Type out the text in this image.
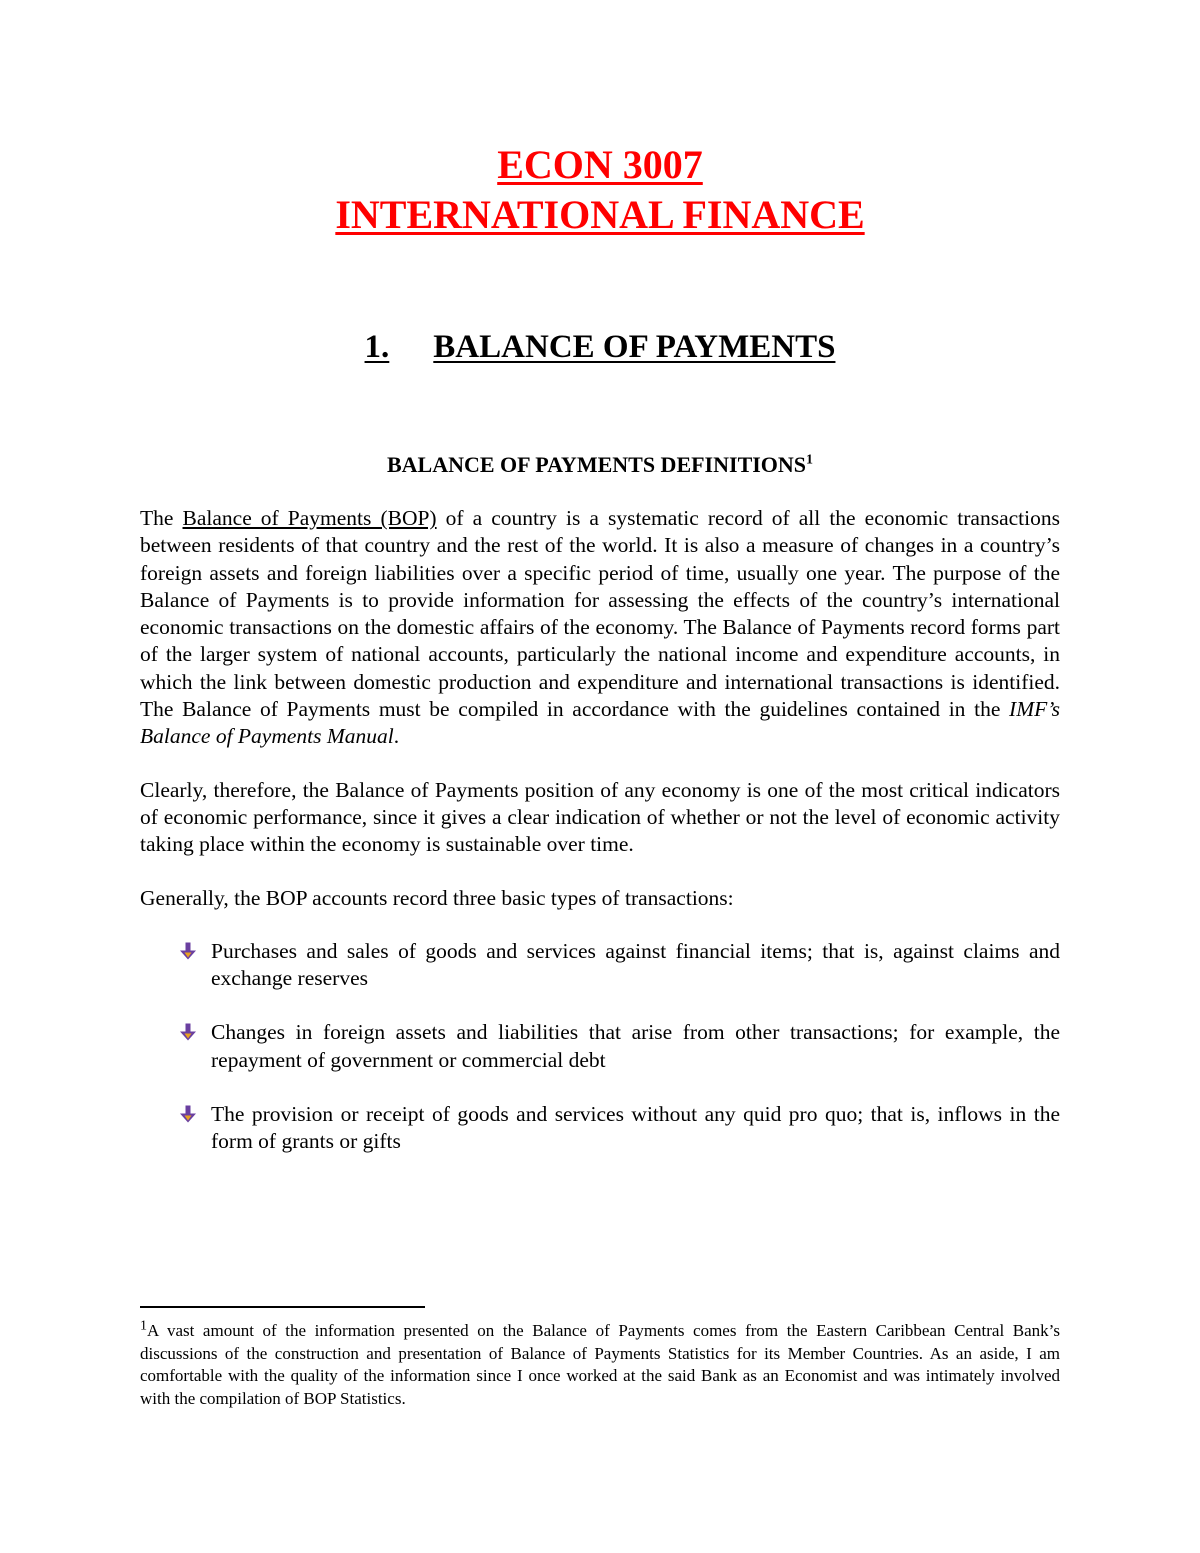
ECON 3007
INTERNATIONAL FINANCE
1. BALANCE OF PAYMENTS
BALANCE OF PAYMENTS DEFINITIONS$^1$

The Balance of Payments (BOP) of a country is a systematic record of all the economic transactions between residents of that country and the rest of the world. It is also a measure of changes in a country’s foreign assets and foreign liabilities over a specific period of time, usually one year. The purpose of the Balance of Payments is to provide information for assessing the effects of the country’s international economic transactions on the domestic affairs of the economy. The Balance of Payments record forms part of the larger system of national accounts, particularly the national income and expenditure accounts, in which the link between domestic production and expenditure and international transactions is identified. The Balance of Payments must be compiled in accordance with the guidelines contained in the IMF’s Balance of Payments Manual.

Clearly, therefore, the Balance of Payments position of any economy is one of the most critical indicators of economic performance, since it gives a clear indication of whether or not the level of economic activity taking place within the economy is sustainable over time.

Generally, the BOP accounts record three basic types of transactions:

Purchases and sales of goods and services against financial items; that is, against claims and exchange reserves
Changes in foreign assets and liabilities that arise from other transactions; for example, the repayment of government or commercial debt
The provision or receipt of goods and services without any quid pro quo; that is, inflows in the form of grants or gifts

$^1$A vast amount of the information presented on the Balance of Payments comes from the Eastern Caribbean Central Bank’s discussions of the construction and presentation of Balance of Payments Statistics for its Member Countries. As an aside, I am comfortable with the quality of the information since I once worked at the said Bank as an Economist and was intimately involved with the compilation of BOP Statistics.
